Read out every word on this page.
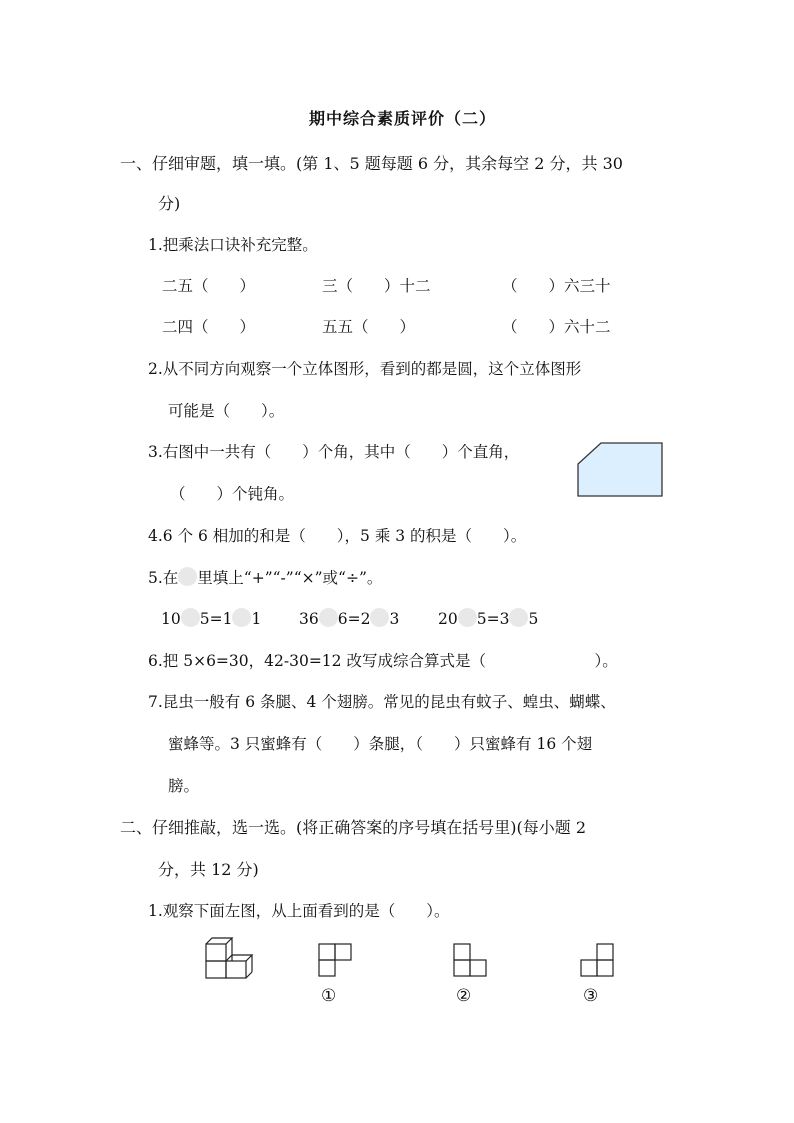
期中综合素质评价（二）
一、仔细审题，填一填。(第 1、5 题每题 6 分，其余每空 2 分，共 30
分)
1.把乘法口诀补充完整。
二五（　　）	三（　　）十二	（　　）六三十
二四（　　）	五五（　　）	（　　）六十二
2.从不同方向观察一个立体图形，看到的都是圆，这个立体图形
可能是（　　）。
3.右图中一共有（　　）个角，其中（　　）个直角，
（　　）个钝角。
4.6 个 6 相加的和是（　　），5 乘 3 的积是（　　）。
5.在 里填上“+”“-”“×”或“÷”。
10 5=1 1 36 6=2 3 20 5=3 5
6.把 5×6=30，42-30=12 改写成综合算式是（　　　　　　　）。
7.昆虫一般有 6 条腿、4 个翅膀。常见的昆虫有蚊子、蝗虫、蝴蝶、
蜜蜂等。3 只蜜蜂有（　　）条腿，（　　）只蜜蜂有 16 个翅
膀。
二、仔细推敲，选一选。(将正确答案的序号填在括号里)(每小题 2
分，共 12 分)
1.观察下面左图，从上面看到的是（　　）。
①	②	③
